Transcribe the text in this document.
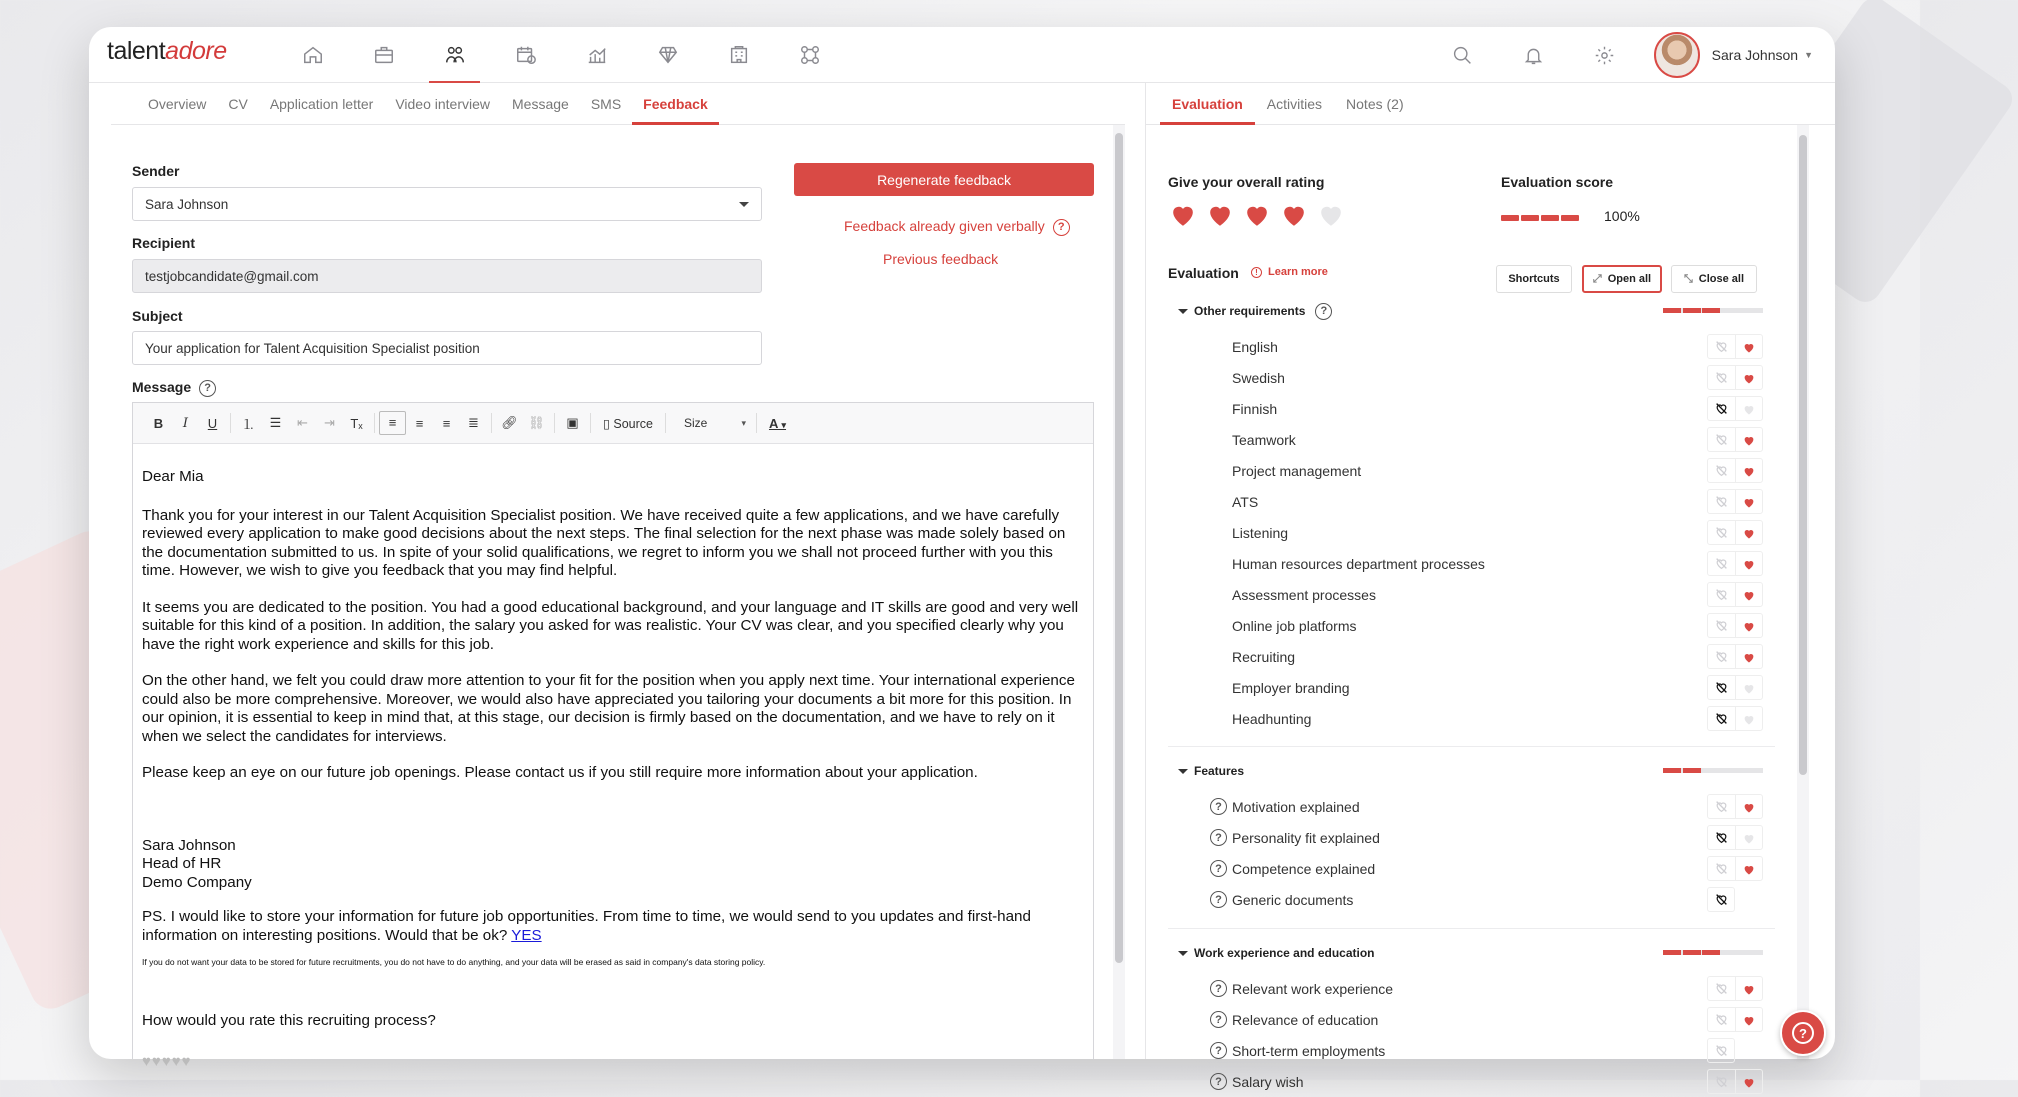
talentadore	Sara Johnson ▼
Overview	CV	Application letter	Video interview	Message	SMS	Feedback
Sender
Sara Johnson
Recipient
testjobcandidate@gmail.com
Subject
Your application for Talent Acquisition Specialist position
Message ?
Regenerate feedback
Feedback already given verbally ?
Previous feedback
B	I	U	⒈	☰	⇤	⇥	Tₓ	≡	≡	≡	≣	🔗︎ ⛓︎	▣	▯ Source	Size ▾	A ▾

Dear Mia

Thank you for your interest in our Talent Acquisition Specialist position. We have received quite a few applications, and we have carefully reviewed every application to make good decisions about the next steps. The final selection for the next phase was made solely based on the documentation submitted to us. In spite of your solid qualifications, we regret to inform you we shall not proceed further with you this time. However, we wish to give you feedback that you may find helpful.

It seems you are dedicated to the position. You had a good educational background, and your language and IT skills are good and very well suitable for this kind of a position. In addition, the salary you asked for was realistic. Your CV was clear, and you specified clearly why you have the right work experience and skills for this job.

On the other hand, we felt you could draw more attention to your fit for the position when you apply next time. Your international experience could also be more comprehensive. Moreover, we would also have appreciated you tailoring your documents a bit more for this position. In our opinion, it is essential to keep in mind that, at this stage, our decision is firmly based on the documentation, and we have to rely on it when we select the candidates for interviews.

Please keep an eye on our future job openings. Please contact us if you still require more information about your application.

Sara Johnson
Head of HR

Demo Company

PS. I would like to store your information for future job opportunities. From time to time, we would send to you updates and first-hand information on interesting positions. Would that be ok? YES

If you do not want your data to be stored for future recruitments, you do not have to do anything, and your data will be erased as said in company's data storing policy.

How would you rate this recruiting process?

♥♥♥♥♥
Evaluation	Activities	Notes (2)
Give your overall rating	Evaluation score
100%
Evaluation	! Learn more
Shortcuts	⤢ Open all	⤡ Close all
Other requirements	?
English
Swedish
Finnish
Teamwork
Project management
ATS
Listening
Human resources department processes
Assessment processes
Online job platforms
Recruiting
Employer branding
Headhunting
Features
? Motivation explained
? Personality fit explained
? Competence explained
? Generic documents
Work experience and education
? Relevant work experience
? Relevance of education
? Short-term employments
? Salary wish
?
